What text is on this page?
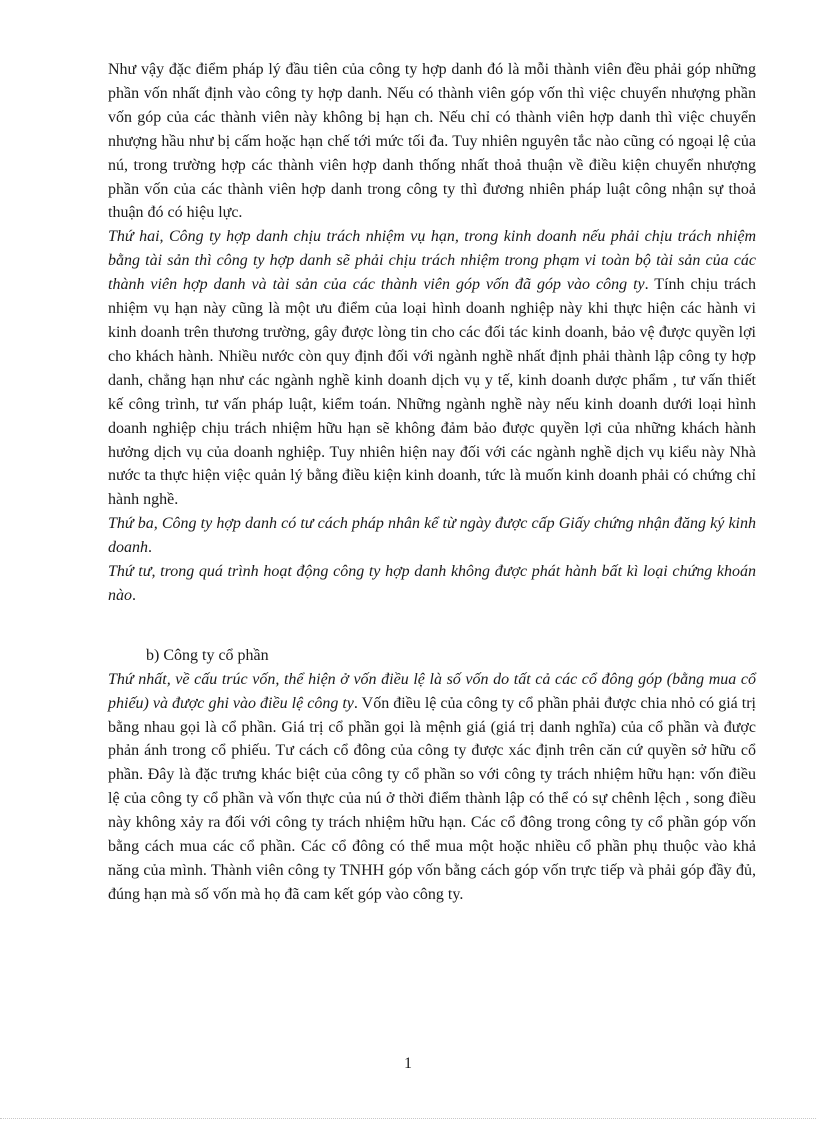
Như vậy đặc điểm pháp lý đầu tiên của công ty hợp danh đó là mỗi thành viên đều phải góp những phần vốn nhất định vào công ty hợp danh. Nếu có thành viên góp vốn thì việc chuyển nhượng phần vốn góp của các thành viên này không bị hạn ch. Nếu chỉ có thành viên hợp danh thì việc chuyển nhượng hầu như bị cấm hoặc hạn chế tới mức tối đa. Tuy nhiên nguyên tắc nào cũng có ngoại lệ của nú, trong trường hợp các thành viên hợp danh thống nhất thoả thuận về điều kiện chuyển nhượng phần vốn của các thành viên hợp danh trong công ty thì đương nhiên pháp luật công nhận sự thoả thuận đó có hiệu lực.

Thứ hai, Công ty hợp danh chịu trách nhiệm vụ hạn, trong kinh doanh nếu phải chịu trách nhiệm bằng tài sản thì công ty hợp danh sẽ phải chịu trách nhiệm trong phạm vi toàn bộ tài sản của các thành viên hợp danh và tài sản của các thành viên góp vốn đã góp vào công ty. Tính chịu trách nhiệm vụ hạn này cũng là một ưu điểm của loại hình doanh nghiệp này khi thực hiện các hành vi kinh doanh trên thương trường, gây được lòng tin cho các đối tác kinh doanh, bảo vệ được quyền lợi cho khách hành. Nhiều nước còn quy định đối với ngành nghề nhất định phải thành lập công ty hợp danh, chẳng hạn như các ngành nghề kinh doanh dịch vụ y tế, kinh doanh dược phẩm , tư vấn thiết kế công trình, tư vấn pháp luật, kiểm toán. Những ngành nghề này nếu kinh doanh dưới loại hình doanh nghiệp chịu trách nhiệm hữu hạn sẽ không đảm bảo được quyền lợi của những khách hành hưởng dịch vụ của doanh nghiệp. Tuy nhiên hiện nay đối với các ngành nghề dịch vụ kiểu này Nhà nước ta thực hiện việc quản lý bằng điều kiện kinh doanh, tức là muốn kinh doanh phải có chứng chỉ hành nghề.

Thứ ba, Công ty hợp danh có tư cách pháp nhân kể từ ngày được cấp Giấy chứng nhận đăng ký kinh doanh.

Thứ tư, trong quá trình hoạt động công ty hợp danh không được phát hành bất kì loại chứng khoán nào.

b) Công ty cổ phần

Thứ nhất, về cấu trúc vốn, thể hiện ở vốn điều lệ là số vốn do tất cả các cổ đông góp (bằng mua cổ phiếu) và được ghi vào điều lệ công ty. Vốn điều lệ của công ty cổ phần phải được chia nhỏ có giá trị bằng nhau gọi là cổ phần. Giá trị cổ phần gọi là mệnh giá (giá trị danh nghĩa) của cổ phần và được phản ánh trong cổ phiếu. Tư cách cổ đông của công ty được xác định trên căn cứ quyền sở hữu cổ phần. Đây là đặc trưng khác biệt của công ty cổ phần so với công ty trách nhiệm hữu hạn: vốn điều lệ của công ty cổ phần và vốn thực của nú ở thời điểm thành lập có thể có sự chênh lệch , song điều này không xảy ra đối với công ty trách nhiệm hữu hạn. Các cổ đông trong công ty cổ phần góp vốn bằng cách mua các cổ phần. Các cổ đông có thể mua một hoặc nhiều cổ phần phụ thuộc vào khả năng của mình. Thành viên công ty TNHH góp vốn bằng cách góp vốn trực tiếp và phải góp đầy đủ, đúng hạn mà số vốn mà họ đã cam kết góp vào công ty.

1
